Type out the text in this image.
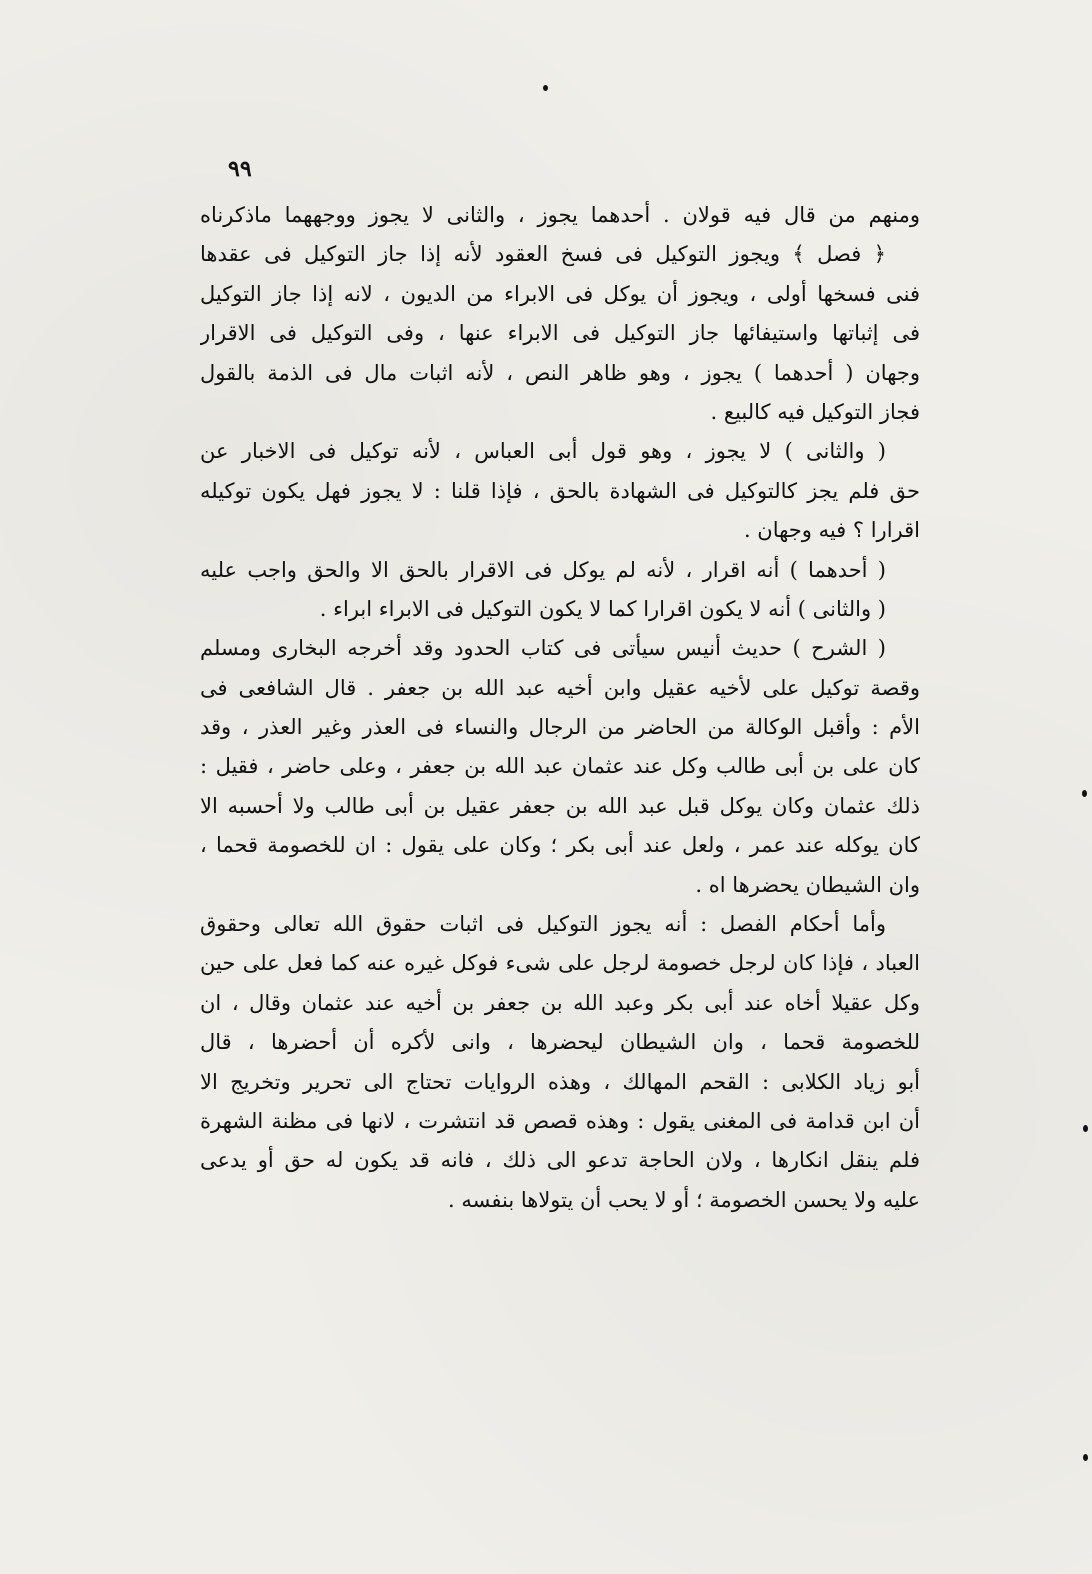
٩٩
ومنهم من قال فيه قولان . أحدهما يجوز ، والثانى لا يجوز ووجههما ماذكرناه
﴿ فصل ﴾ ويجوز التوكيل فى فسخ العقود لأنه إذا جاز التوكيل فى عقدها
فنى فسخها أولى ، ويجوز أن يوكل فى الابراء من الديون ، لانه إذا جاز التوكيل
فى إثباتها واستيفائها جاز التوكيل فى الابراء عنها ، وفى التوكيل فى الاقرار
وجهان ( أحدهما ) يجوز ، وهو ظاهر النص ، لأنه اثبات مال فى الذمة بالقول
فجاز التوكيل فيه كالبيع .
( والثانى ) لا يجوز ، وهو قول أبى العباس ، لأنه توكيل فى الاخبار عن
حق فلم يجز كالتوكيل فى الشهادة بالحق ، فإذا قلنا : لا يجوز فهل يكون توكيله
اقرارا ؟ فيه وجهان .
( أحدهما ) أنه اقرار ، لأنه لم يوكل فى الاقرار بالحق الا والحق واجب عليه
( والثانى ) أنه لا يكون اقرارا كما لا يكون التوكيل فى الابراء ابراء .
( الشرح ) حديث أنيس سيأتى فى كتاب الحدود وقد أخرجه البخارى ومسلم
وقصة توكيل على لأخيه عقيل وابن أخيه عبد الله بن جعفر . قال الشافعى فى
الأم : وأقبل الوكالة من الحاضر من الرجال والنساء فى العذر وغير العذر ، وقد
كان على بن أبى طالب وكل عند عثمان عبد الله بن جعفر ، وعلى حاضر ، فقيل :
ذلك عثمان وكان يوكل قبل عبد الله بن جعفر عقيل بن أبى طالب ولا أحسبه الا
كان يوكله عند عمر ، ولعل عند أبى بكر ؛ وكان على يقول : ان للخصومة قحما ،
وان الشيطان يحضرها اه .
وأما أحكام الفصل : أنه يجوز التوكيل فى اثبات حقوق الله تعالى وحقوق
العباد ، فإذا كان لرجل خصومة لرجل على شىء فوكل غيره عنه كما فعل على حين
وكل عقيلا أخاه عند أبى بكر وعبد الله بن جعفر بن أخيه عند عثمان وقال ، ان
للخصومة قحما ، وان الشيطان ليحضرها ، وانى لأكره أن أحضرها ، قال
أبو زياد الكلابى : القحم المهالك ، وهذه الروايات تحتاج الى تحرير وتخريج الا
أن ابن قدامة فى المغنى يقول : وهذه قصص قد انتشرت ، لانها فى مظنة الشهرة
فلم ينقل انكارها ، ولان الحاجة تدعو الى ذلك ، فانه قد يكون له حق أو يدعى
عليه ولا يحسن الخصومة ؛ أو لا يحب أن يتولاها بنفسه .
